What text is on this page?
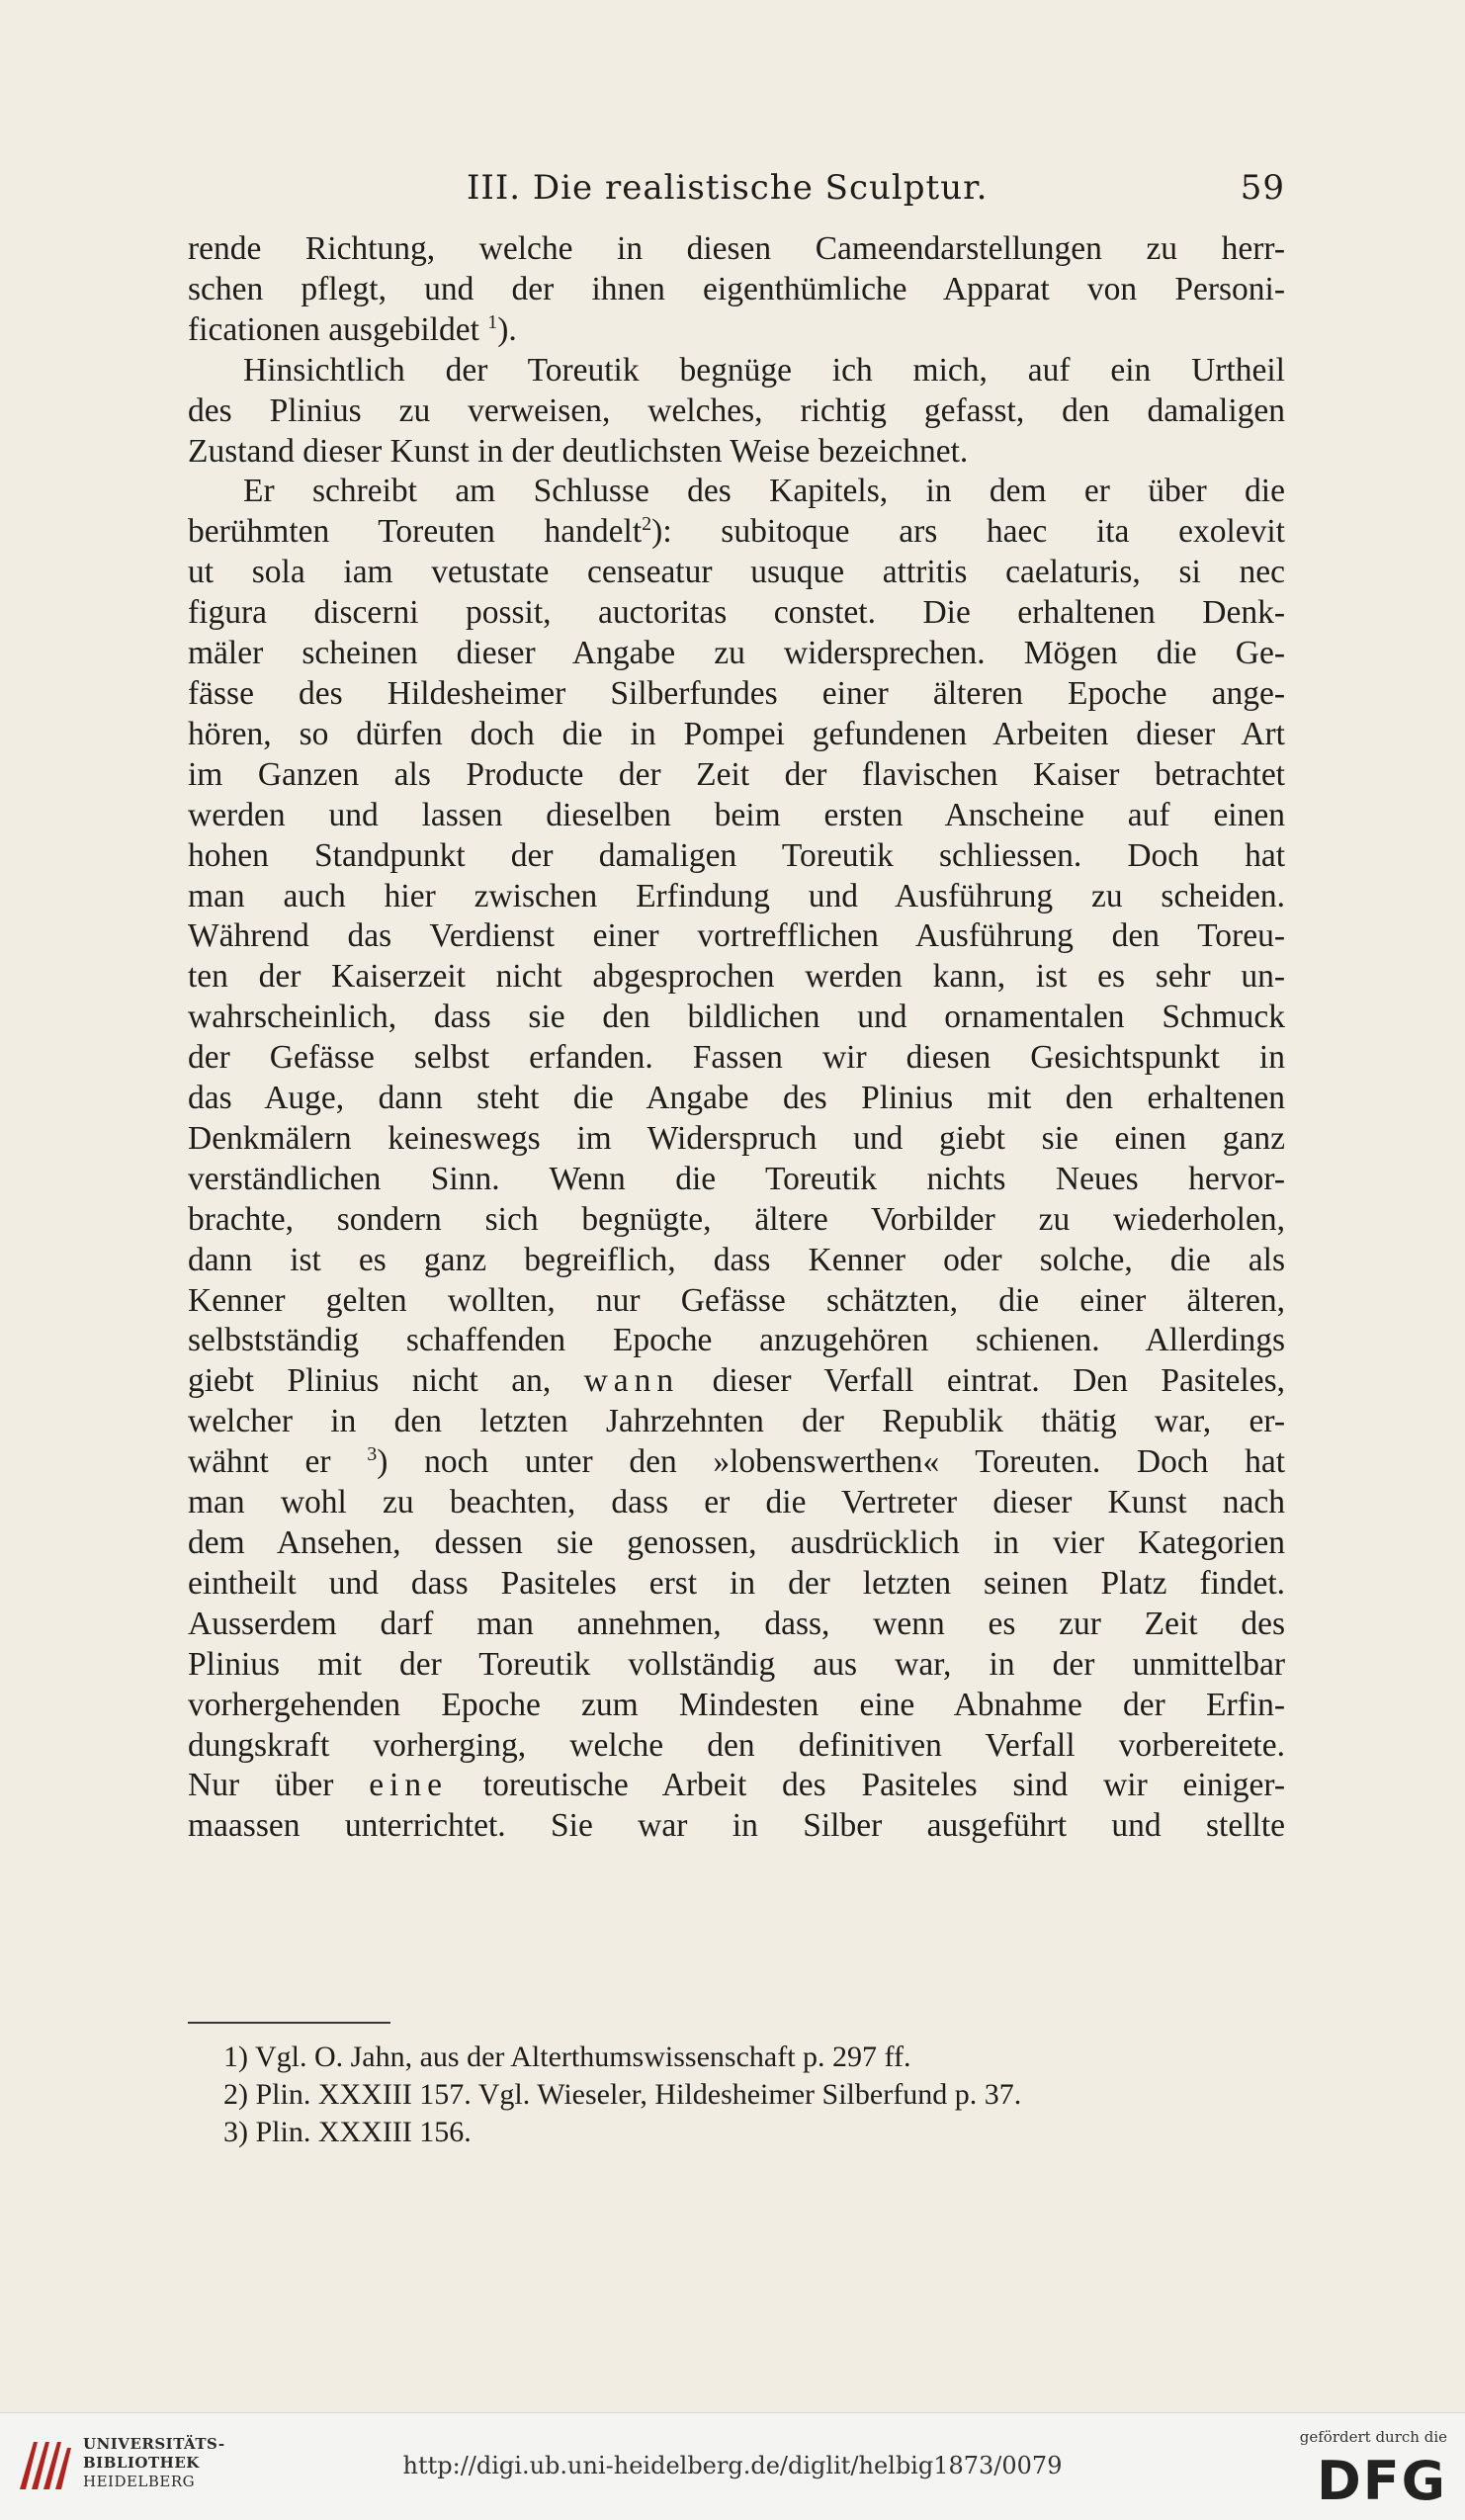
III. Die realistische Sculptur.	59
rende Richtung, welche in diesen Cameendarstellungen zu herr-
schen pflegt, und der ihnen eigenthümliche Apparat von Personi-
ficationen ausgebildet $^1$).
Hinsichtlich der Toreutik begnüge ich mich, auf ein Urtheil
des Plinius zu verweisen, welches, richtig gefasst, den damaligen
Zustand dieser Kunst in der deutlichsten Weise bezeichnet.
Er schreibt am Schlusse des Kapitels, in dem er über die
berühmten Toreuten handelt$^2$): subitoque ars haec ita exolevit
ut sola iam vetustate censeatur usuque attritis caelaturis, si nec
figura discerni possit, auctoritas constet. Die erhaltenen Denk-
mäler scheinen dieser Angabe zu widersprechen. Mögen die Ge-
fässe des Hildesheimer Silberfundes einer älteren Epoche ange-
hören, so dürfen doch die in Pompei gefundenen Arbeiten dieser Art
im Ganzen als Producte der Zeit der flavischen Kaiser betrachtet
werden und lassen dieselben beim ersten Anscheine auf einen
hohen Standpunkt der damaligen Toreutik schliessen. Doch hat
man auch hier zwischen Erfindung und Ausführung zu scheiden.
Während das Verdienst einer vortrefflichen Ausführung den Toreu-
ten der Kaiserzeit nicht abgesprochen werden kann, ist es sehr un-
wahrscheinlich, dass sie den bildlichen und ornamentalen Schmuck
der Gefässe selbst erfanden. Fassen wir diesen Gesichtspunkt in
das Auge, dann steht die Angabe des Plinius mit den erhaltenen
Denkmälern keineswegs im Widerspruch und giebt sie einen ganz
verständlichen Sinn. Wenn die Toreutik nichts Neues hervor-
brachte, sondern sich begnügte, ältere Vorbilder zu wiederholen,
dann ist es ganz begreiflich, dass Kenner oder solche, die als
Kenner gelten wollten, nur Gefässe schätzten, die einer älteren,
selbstständig schaffenden Epoche anzugehören schienen. Allerdings
giebt Plinius nicht an, wann dieser Verfall eintrat. Den Pasiteles,
welcher in den letzten Jahrzehnten der Republik thätig war, er-
wähnt er $^3$) noch unter den »lobenswerthen« Toreuten. Doch hat
man wohl zu beachten, dass er die Vertreter dieser Kunst nach
dem Ansehen, dessen sie genossen, ausdrücklich in vier Kategorien
eintheilt und dass Pasiteles erst in der letzten seinen Platz findet.
Ausserdem darf man annehmen, dass, wenn es zur Zeit des
Plinius mit der Toreutik vollständig aus war, in der unmittelbar
vorhergehenden Epoche zum Mindesten eine Abnahme der Erfin-
dungskraft vorherging, welche den definitiven Verfall vorbereitete.
Nur über eine toreutische Arbeit des Pasiteles sind wir einiger-
maassen unterrichtet. Sie war in Silber ausgeführt und stellte
1) Vgl. O. Jahn, aus der Alterthumswissenschaft p. 297 ff.
2) Plin. XXXIII 157. Vgl. Wieseler, Hildesheimer Silberfund p. 37.
3) Plin. XXXIII 156.
UNIVERSITÄTS-
BIBLIOTHEK
HEIDELBERG
http://digi.ub.uni-heidelberg.de/diglit/helbig1873/0079
gefördert durch die
DFG
